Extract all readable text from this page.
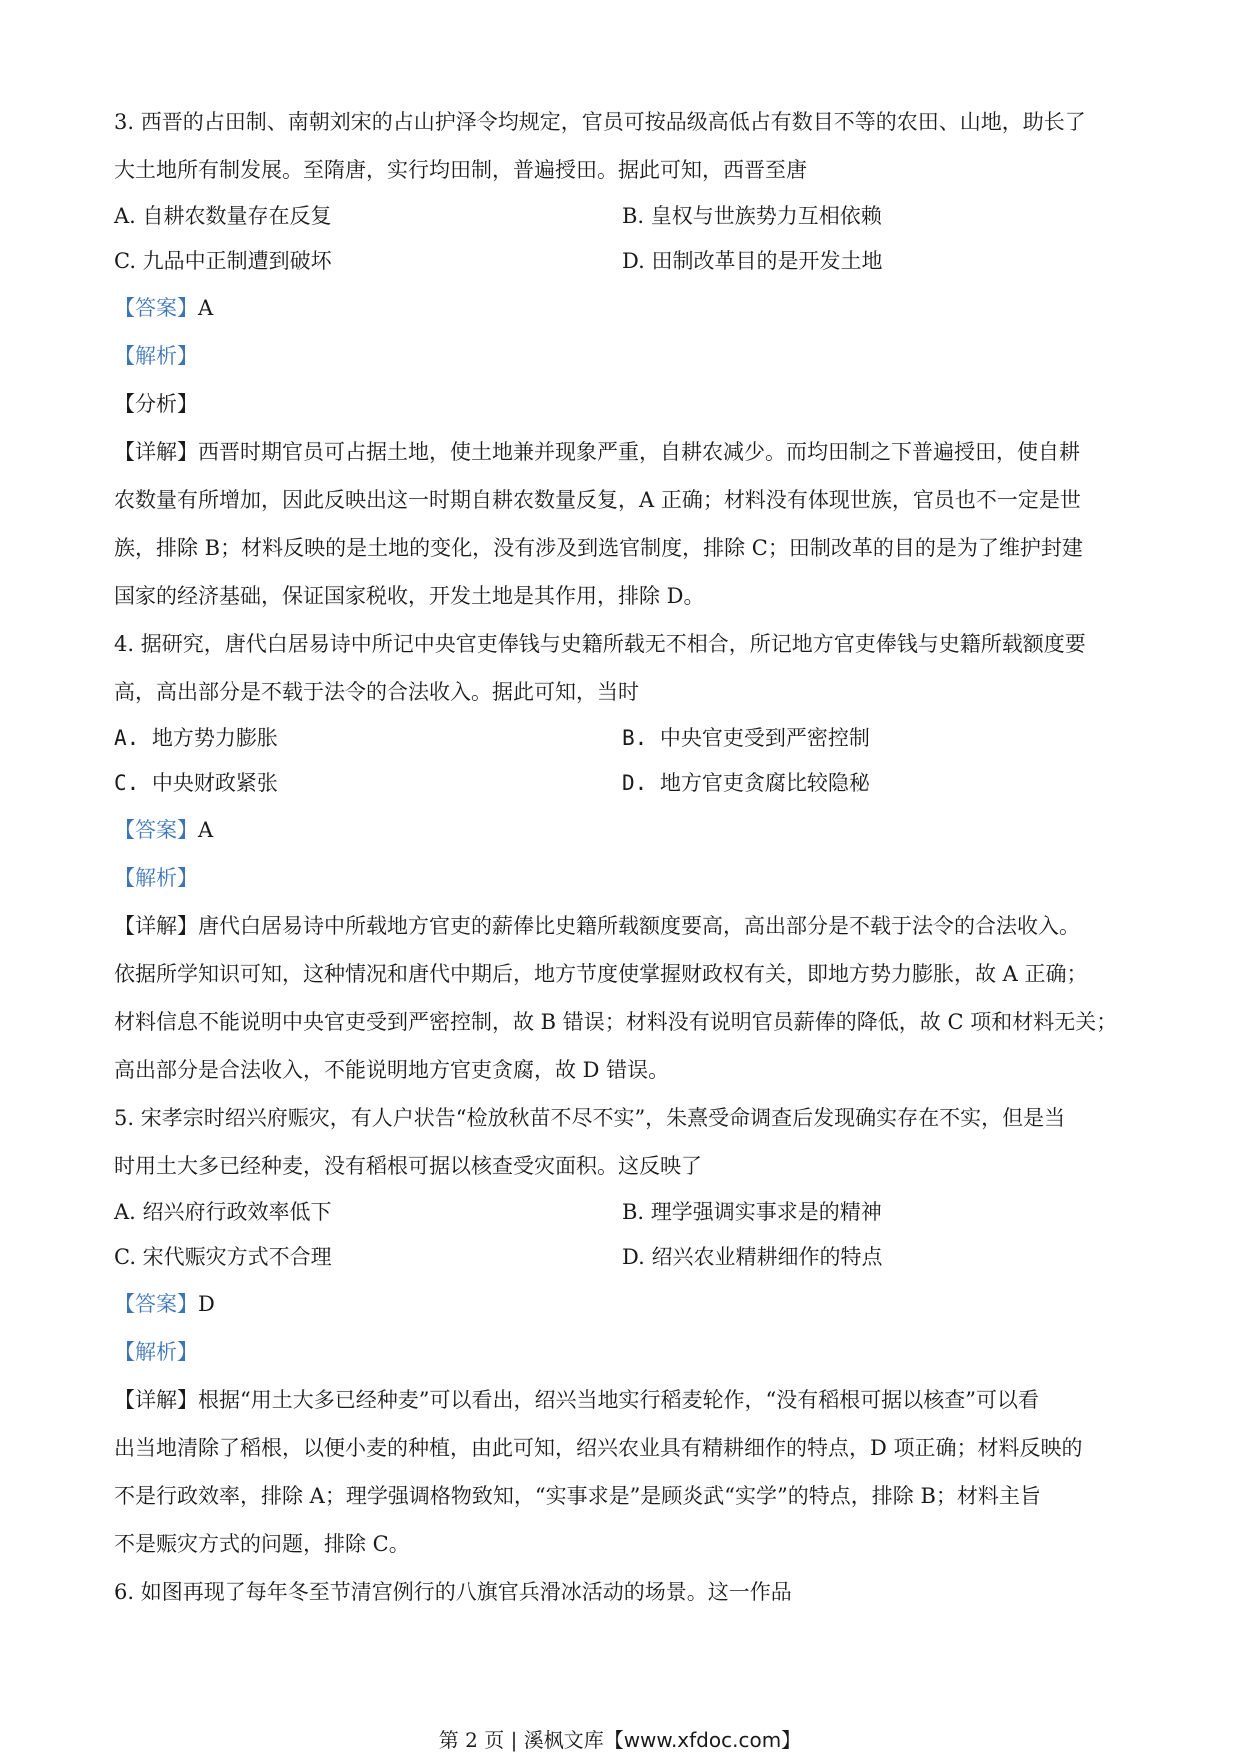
3. 西晋的占田制、南朝刘宋的占山护泽令均规定，官员可按品级高低占有数目不等的农田、山地，助长了
大土地所有制发展。至隋唐，实行均田制，普遍授田。据此可知，西晋至唐
A. 自耕农数量存在反复	B. 皇权与世族势力互相依赖
C. 九品中正制遭到破坏	D. 田制改革目的是开发土地
【答案】A
【解析】
【分析】
【详解】西晋时期官员可占据土地，使土地兼并现象严重，自耕农减少。而均田制之下普遍授田，使自耕
农数量有所增加，因此反映出这一时期自耕农数量反复，A 正确；材料没有体现世族，官员也不一定是世
族，排除 B；材料反映的是土地的变化，没有涉及到选官制度，排除 C；田制改革的目的是为了维护封建
国家的经济基础，保证国家税收，开发土地是其作用，排除 D。
4. 据研究，唐代白居易诗中所记中央官吏俸钱与史籍所载无不相合，所记地方官吏俸钱与史籍所载额度要
高，高出部分是不载于法令的合法收入。据此可知，当时
A. 地方势力膨胀	B. 中央官吏受到严密控制
C. 中央财政紧张	D. 地方官吏贪腐比较隐秘
【答案】A
【解析】
【详解】唐代白居易诗中所载地方官吏的薪俸比史籍所载额度要高，高出部分是不载于法令的合法收入。
依据所学知识可知，这种情况和唐代中期后，地方节度使掌握财政权有关，即地方势力膨胀，故 A 正确；
材料信息不能说明中央官吏受到严密控制，故 B 错误；材料没有说明官员薪俸的降低，故 C 项和材料无关；
高出部分是合法收入，不能说明地方官吏贪腐，故 D 错误。
5. 宋孝宗时绍兴府赈灾，有人户状告“检放秋苗不尽不实”，朱熹受命调查后发现确实存在不实，但是当
时用土大多已经种麦，没有稻根可据以核查受灾面积。这反映了
A. 绍兴府行政效率低下	B. 理学强调实事求是的精神
C. 宋代赈灾方式不合理	D. 绍兴农业精耕细作的特点
【答案】D
【解析】
【详解】根据“用土大多已经种麦”可以看出，绍兴当地实行稻麦轮作，“没有稻根可据以核查”可以看
出当地清除了稻根，以便小麦的种植，由此可知，绍兴农业具有精耕细作的特点，D 项正确；材料反映的
不是行政效率，排除 A；理学强调格物致知，“实事求是”是顾炎武“实学”的特点，排除 B；材料主旨
不是赈灾方式的问题，排除 C。
6. 如图再现了每年冬至节清宫例行的八旗官兵滑冰活动的场景。这一作品
第 2 页 | 溪枫文库【www.xfdoc.com】
